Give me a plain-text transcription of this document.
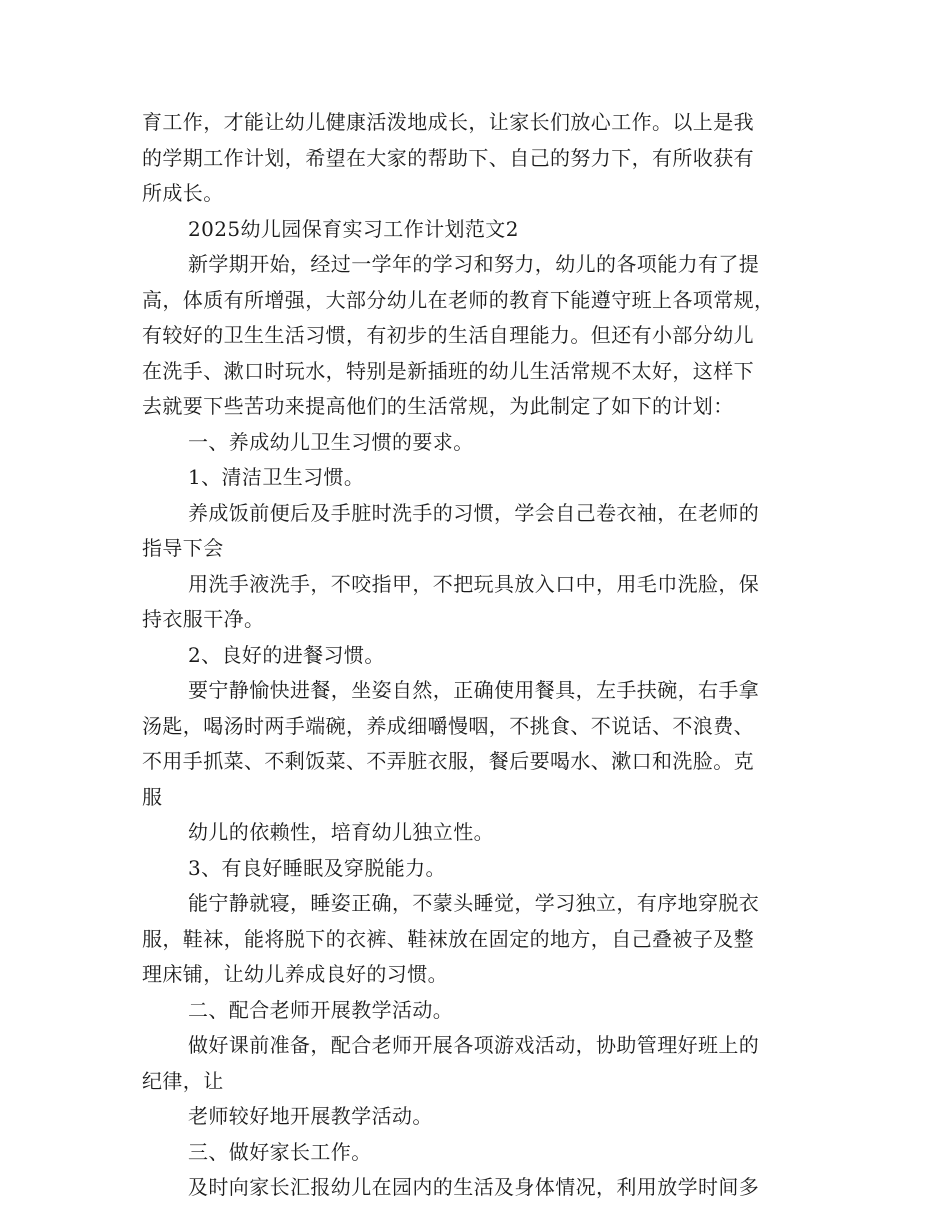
育工作，才能让幼儿健康活泼地成长，让家长们放心工作。以上是我
的学期工作计划，希望在大家的帮助下、自己的努力下，有所收获有
所成长。
2025幼儿园保育实习工作计划范文2
新学期开始，经过一学年的学习和努力，幼儿的各项能力有了提
高，体质有所增强，大部分幼儿在老师的教育下能遵守班上各项常规，
有较好的卫生生活习惯，有初步的生活自理能力。但还有小部分幼儿
在洗手、漱口时玩水，特别是新插班的幼儿生活常规不太好，这样下
去就要下些苦功来提高他们的生活常规，为此制定了如下的计划：
一、养成幼儿卫生习惯的要求。
1、清洁卫生习惯。
养成饭前便后及手脏时洗手的习惯，学会自己卷衣袖，在老师的
指导下会
用洗手液洗手，不咬指甲，不把玩具放入口中，用毛巾洗脸，保
持衣服干净。
2、良好的进餐习惯。
要宁静愉快进餐，坐姿自然，正确使用餐具，左手扶碗，右手拿
汤匙，喝汤时两手端碗，养成细嚼慢咽，不挑食、不说话、不浪费、
不用手抓菜、不剩饭菜、不弄脏衣服，餐后要喝水、漱口和洗脸。克
服
幼儿的依赖性，培育幼儿独立性。
3、有良好睡眠及穿脱能力。
能宁静就寝，睡姿正确，不蒙头睡觉，学习独立，有序地穿脱衣
服，鞋袜，能将脱下的衣裤、鞋袜放在固定的地方，自己叠被子及整
理床铺，让幼儿养成良好的习惯。
二、配合老师开展教学活动。
做好课前准备，配合老师开展各项游戏活动，协助管理好班上的
纪律，让
老师较好地开展教学活动。
三、做好家长工作。
及时向家长汇报幼儿在园内的生活及身体情况，利用放学时间多
